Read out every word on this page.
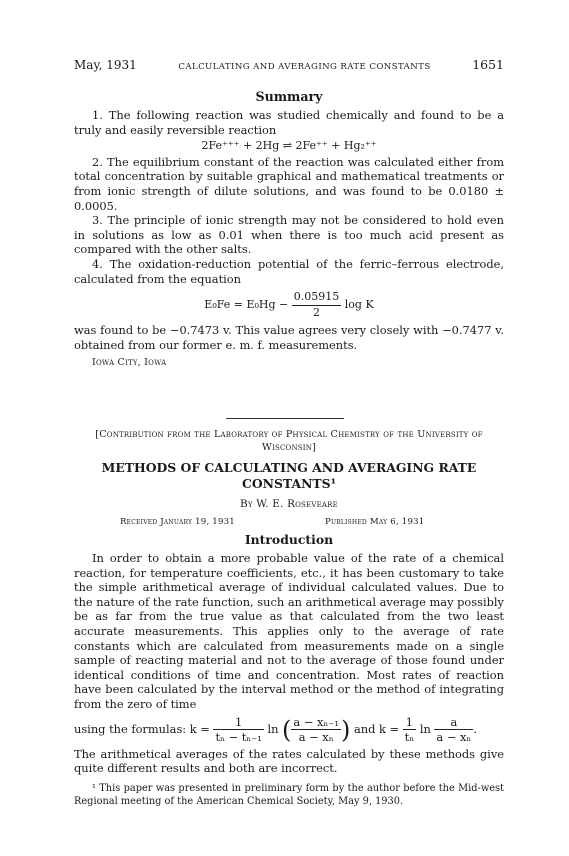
May, 1931	CALCULATING AND AVERAGING RATE CONSTANTS	1651
Summary

1. The following reaction was studied chemically and found to be a truly and easily reversible reaction

2Fe⁺⁺⁺ + 2Hg ⇌ 2Fe⁺⁺ + Hg₂⁺⁺

2. The equilibrium constant of the reaction was calculated either from total concentration by suitable graphical and mathematical treatments or from ionic strength of dilute solutions, and was found to be 0.0180 ± 0.0005.

3. The principle of ionic strength may not be considered to hold even in solutions as low as 0.01 when there is too much acid present as compared with the other salts.

4. The oxidation-reduction potential of the ferric–ferrous electrode, calculated from the equation

$E_0Fe = E_0Hg - \frac{0.05915}{2}$ log K

was found to be −0.7473 v. This value agrees very closely with −0.7477 v. obtained from our former e. m. f. measurements.

Iowa City, Iowa
[Contribution from the Laboratory of Physical Chemistry of the University of Wisconsin]
METHODS OF CALCULATING AND AVERAGING RATE
CONSTANTS¹
By W. E. Roseveare
Received January 19, 1931	Published May 6, 1931
Introduction

In order to obtain a more probable value of the rate of a chemical reaction, for temperature coefficients, etc., it has been customary to take the simple arithmetical average of individual calculated values. Due to the nature of the rate function, such an arithmetical average may possibly be as far from the true value as that calculated from the two least accurate measurements. This applies only to the average of rate constants which are calculated from measurements made on a single sample of reacting material and not to the average of those found under identical conditions of time and concentration. Most rates of reaction have been calculated by the interval method or the method of integrating from the zero of time

using the formulas: $k = \frac{1}{\text{tₙ − tₙ₋₁}}$ ln ( $\frac{\text{a − xₙ₋₁}}{\text{a − xₙ}}$ ) and $k = \frac{1}{\text{tₙ}}$ $\ln \frac{a}{\text{a − xₙ}}$ .

The arithmetical averages of the rates calculated by these methods give quite different results and both are incorrect.

¹ This paper was presented in preliminary form by the author before the Mid-west Regional meeting of the American Chemical Society, May 9, 1930.
